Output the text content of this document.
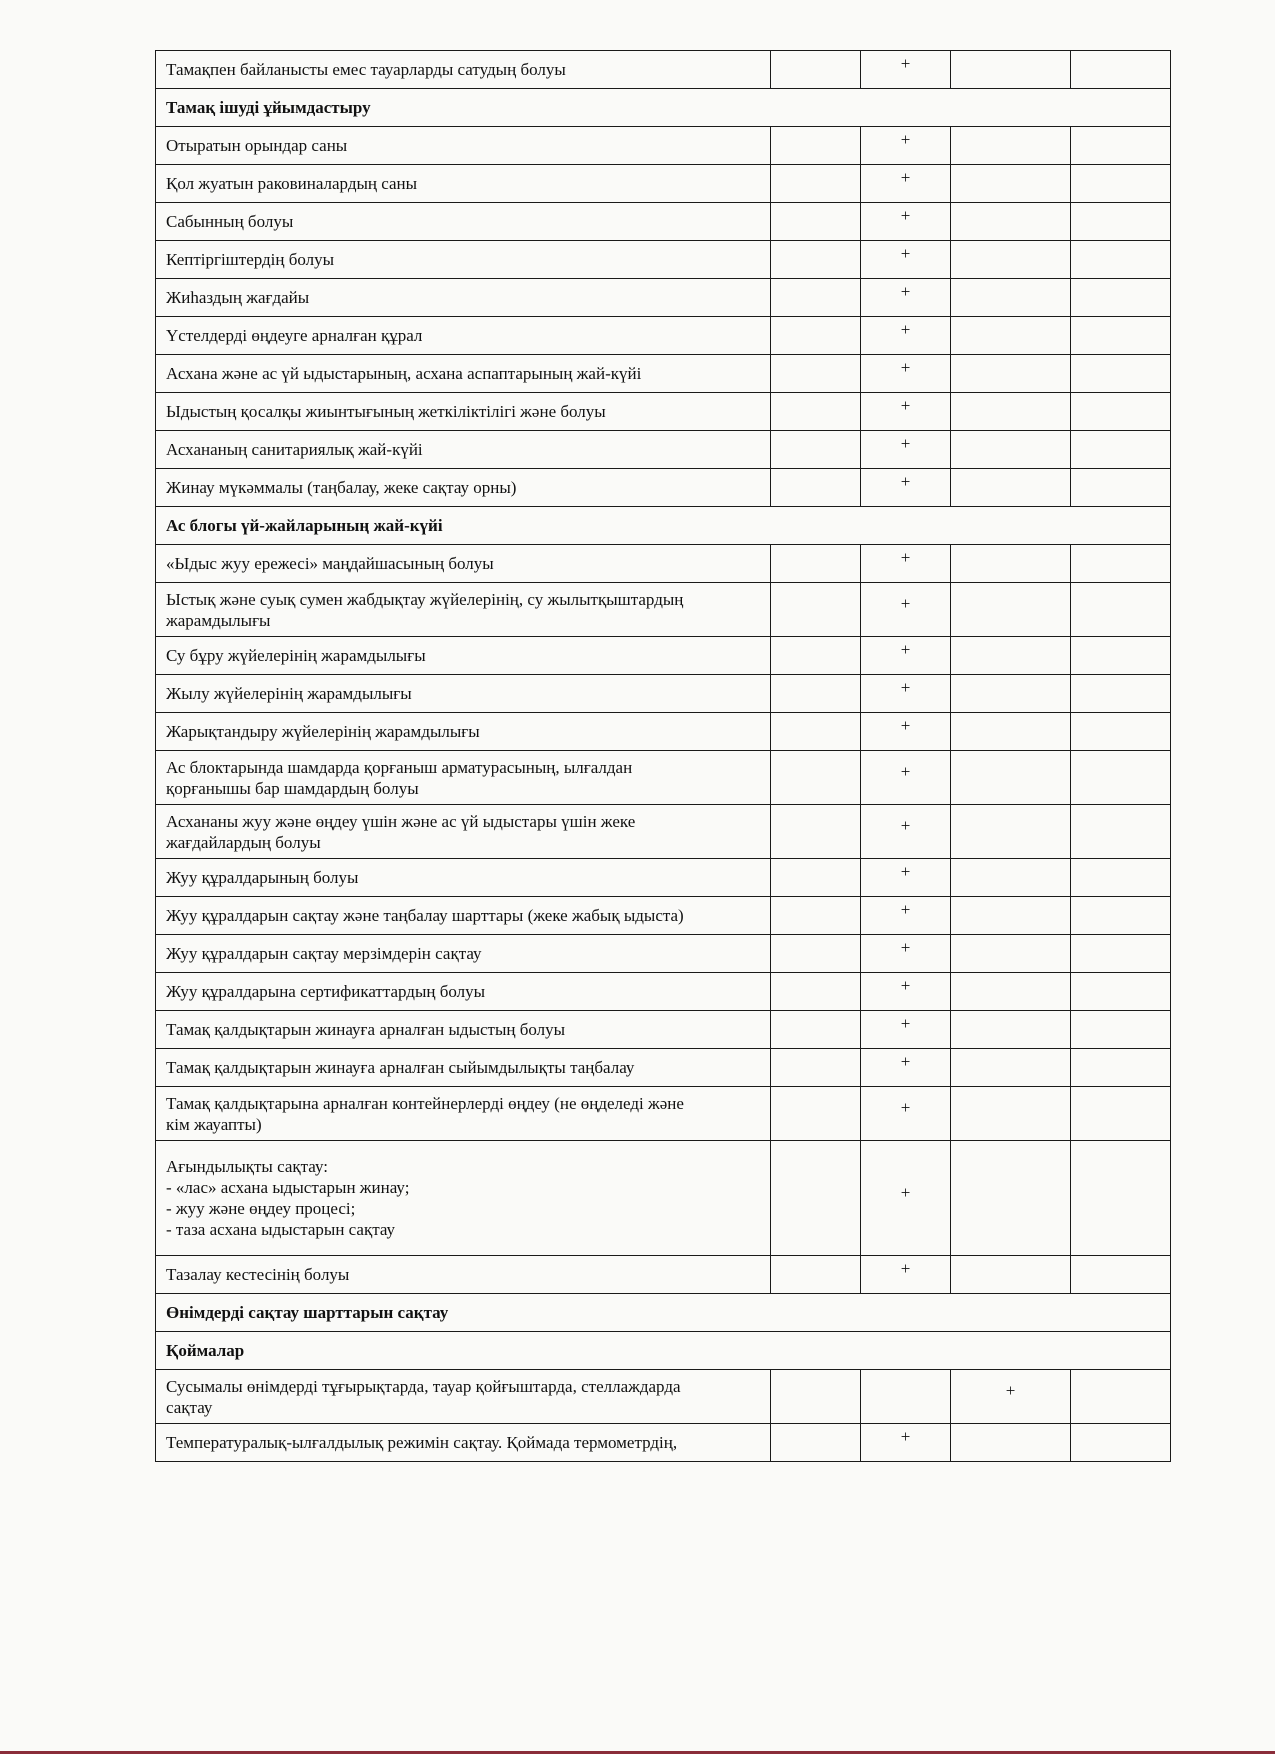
Тамақпен байланысты емес тауарларды сатудың болуы		+		
Тамақ ішуді ұйымдастыру				
Отыратын орындар саны		+		
Қол жуатын раковиналардың саны		+		
Сабынның болуы		+		
Кептіргіштердің болуы		+		
Жиһаздың жағдайы		+		
Үстелдерді өңдеуге арналған құрал		+		
Асхана және ас үй ыдыстарының, асхана аспаптарының жай-күйі		+		
Ыдыстың қосалқы жиынтығының жеткіліктілігі және болуы		+		
Асхананың санитариялық жай-күйі		+		
Жинау мүкәммалы (таңбалау, жеке сақтау орны)		+		
Ас блогы үй-жайларының жай-күйі				
«Ыдыс жуу ережесі» маңдайшасының болуы		+		
Ыстық және суық сумен жабдықтау жүйелерінің, су жылытқыштардың
жарамдылығы		+		
Су бұру жүйелерінің жарамдылығы		+		
Жылу жүйелерінің жарамдылығы		+		
Жарықтандыру жүйелерінің жарамдылығы		+		
Ас блоктарында шамдарда қорғаныш арматурасының, ылғалдан
қорғанышы бар шамдардың болуы		+		
Асхананы жуу және өңдеу үшін және ас үй ыдыстары үшін жеке
жағдайлардың болуы		+		
Жуу құралдарының болуы		+		
Жуу құралдарын сақтау және таңбалау шарттары (жеке жабық ыдыста)		+		
Жуу құралдарын сақтау мерзімдерін сақтау		+		
Жуу құралдарына сертификаттардың болуы		+		
Тамақ қалдықтарын жинауға арналған ыдыстың болуы		+		
Тамақ қалдықтарын жинауға арналған сыйымдылықты таңбалау		+		
Тамақ қалдықтарына арналған контейнерлерді өңдеу (не өңделеді және
кім жауапты)		+		
Ағындылықты сақтау:
- «лас» асхана ыдыстарын жинау;
- жуу және өңдеу процесі;
- таза асхана ыдыстарын сақтау		+		
Тазалау кестесінің болуы		+		
Өнімдерді сақтау шарттарын сақтау				
Қоймалар				
Сусымалы өнімдерді тұғырықтарда, тауар қойғыштарда, стеллаждарда
сақтау			+	
Температуралық-ылғалдылық режимін сақтау. Қоймада термометрдің,		+		
